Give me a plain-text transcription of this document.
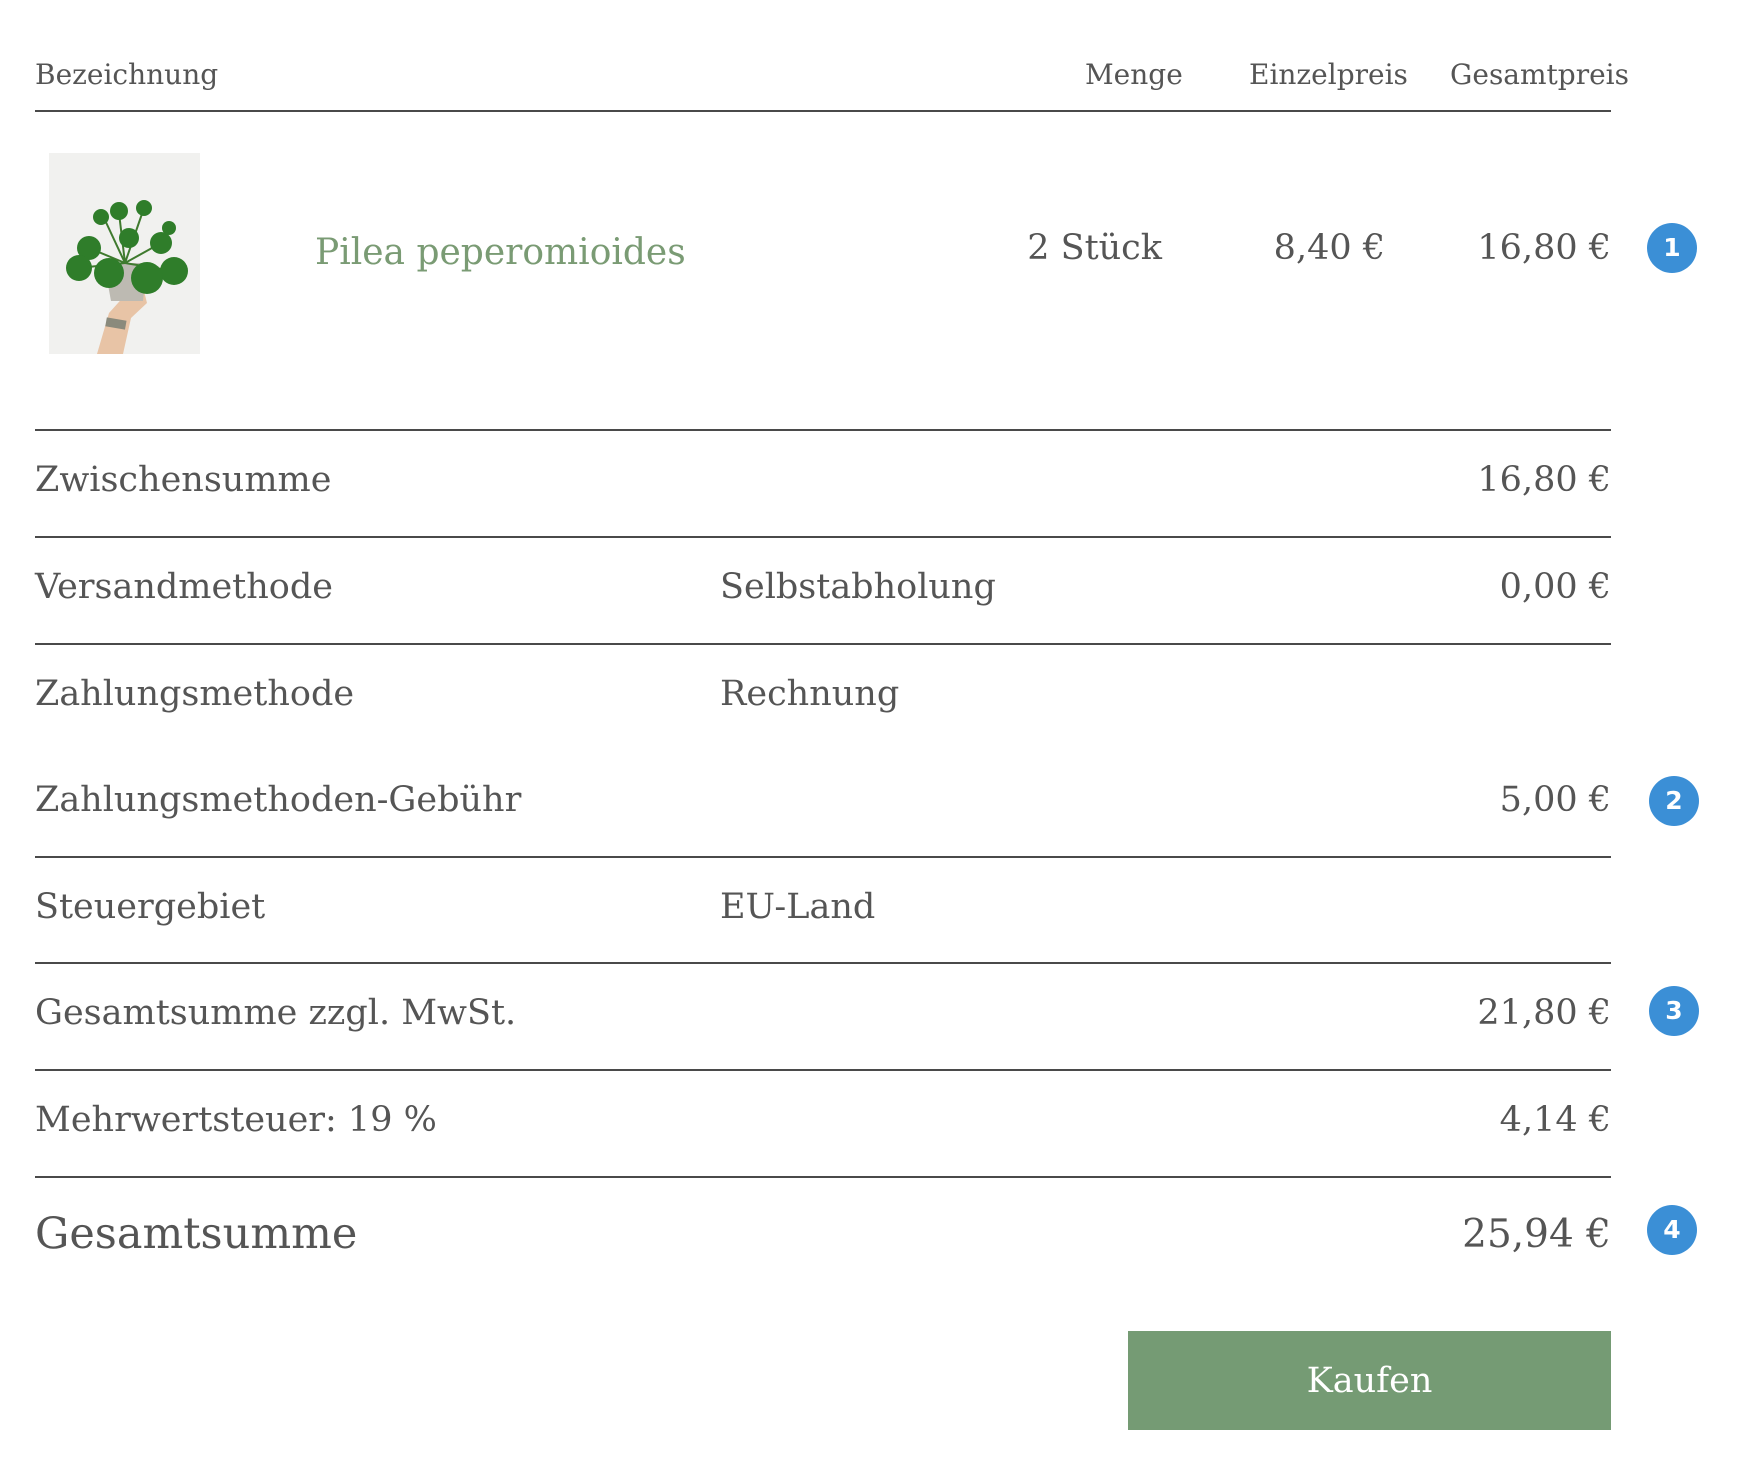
Bezeichnung	Menge Einzelpreis Gesamtpreis
Pilea peperomioides	2 Stück	8,40 €	16,80 €	1
Zwischensumme	16,80 €
Versandmethode	Selbstabholung	0,00 €
Zahlungsmethode	Rechnung
Zahlungsmethoden-Gebühr	5,00 €	2
Steuergebiet	EU-Land
Gesamtsumme zzgl. MwSt.	21,80 €	3
Mehrwertsteuer: 19 %	4,14 €
Gesamtsumme	25,94 €	4
Kaufen
